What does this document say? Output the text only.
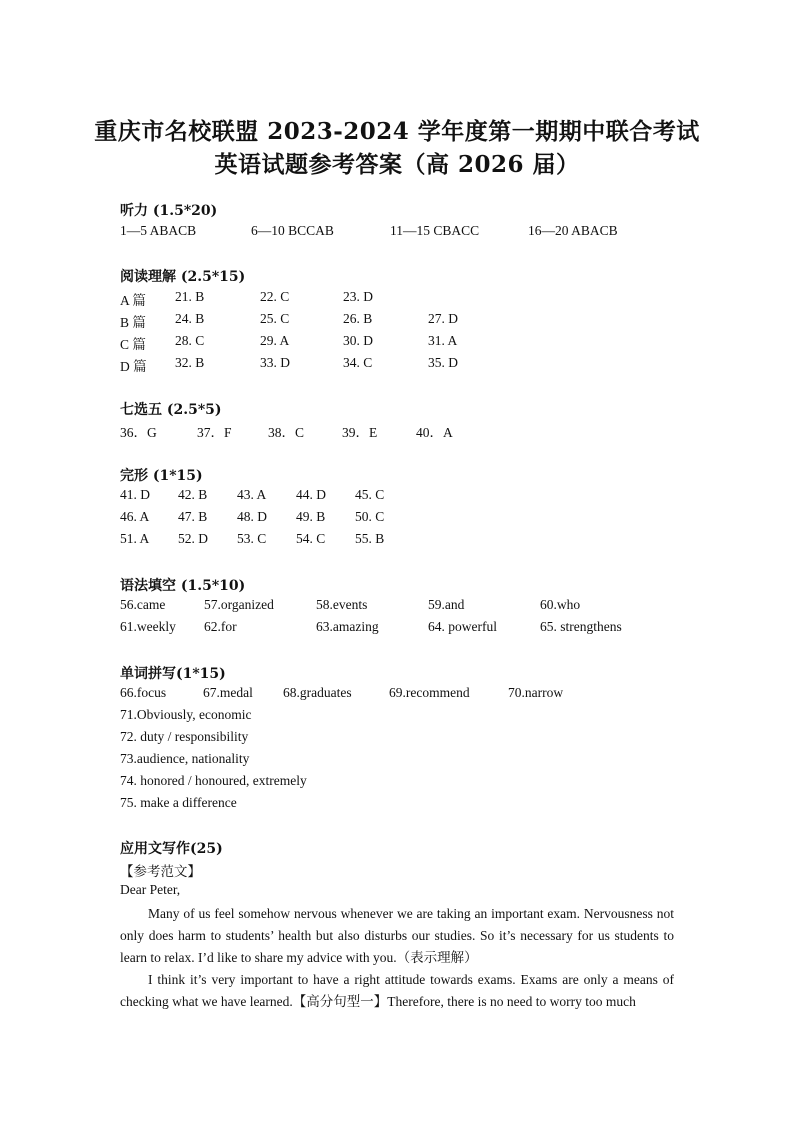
重庆市名校联盟 2023-2024 学年度第一期期中联合考试
英语试题参考答案（高 2026 届）
听力 (1.5*20)
1—5 ABACB	6—10 BCCAB	11—15 CBACC	16—20 ABACB
阅读理解 (2.5*15)
A 篇 21. B	22. C	23. D
B 篇 24. B	25. C	26. B	27. D
C 篇 28. C	29. A	30. D	31. A
D 篇 32. B	33. D	34. C	35. D
七选五 (2.5*5)
36．G	37．F	38．C	39．E	40．A
完形 (1*15)
41. D 42. B 43. A 44. D 45. C
46. A 47. B 48. D 49. B 50. C
51. A 52. D 53. C 54. C 55. B
语法填空 (1.5*10)
56.came	57.organized	58.events	59.and	60.who
61.weekly 62.for	63.amazing	64. powerful	65. strengthens
单词拼写(1*15)
66.focus	67.medal 68.graduates	69.recommend	70.narrow
71.Obviously, economic
72. duty / responsibility
73.audience, nationality
74. honored / honoured, extremely
75. make a difference
应用文写作(25)
【参考范文】
Dear Peter,
Many of us feel somehow nervous whenever we are taking an important exam. Nervousness not only does harm to students’ health but also disturbs our studies. So it’s necessary for us students to learn to relax. I’d like to share my advice with you.（表示理解）
I think it’s very important to have a right attitude towards exams. Exams are only a means of checking what we have learned.【高分句型一】Therefore, there is no need to worry too much
